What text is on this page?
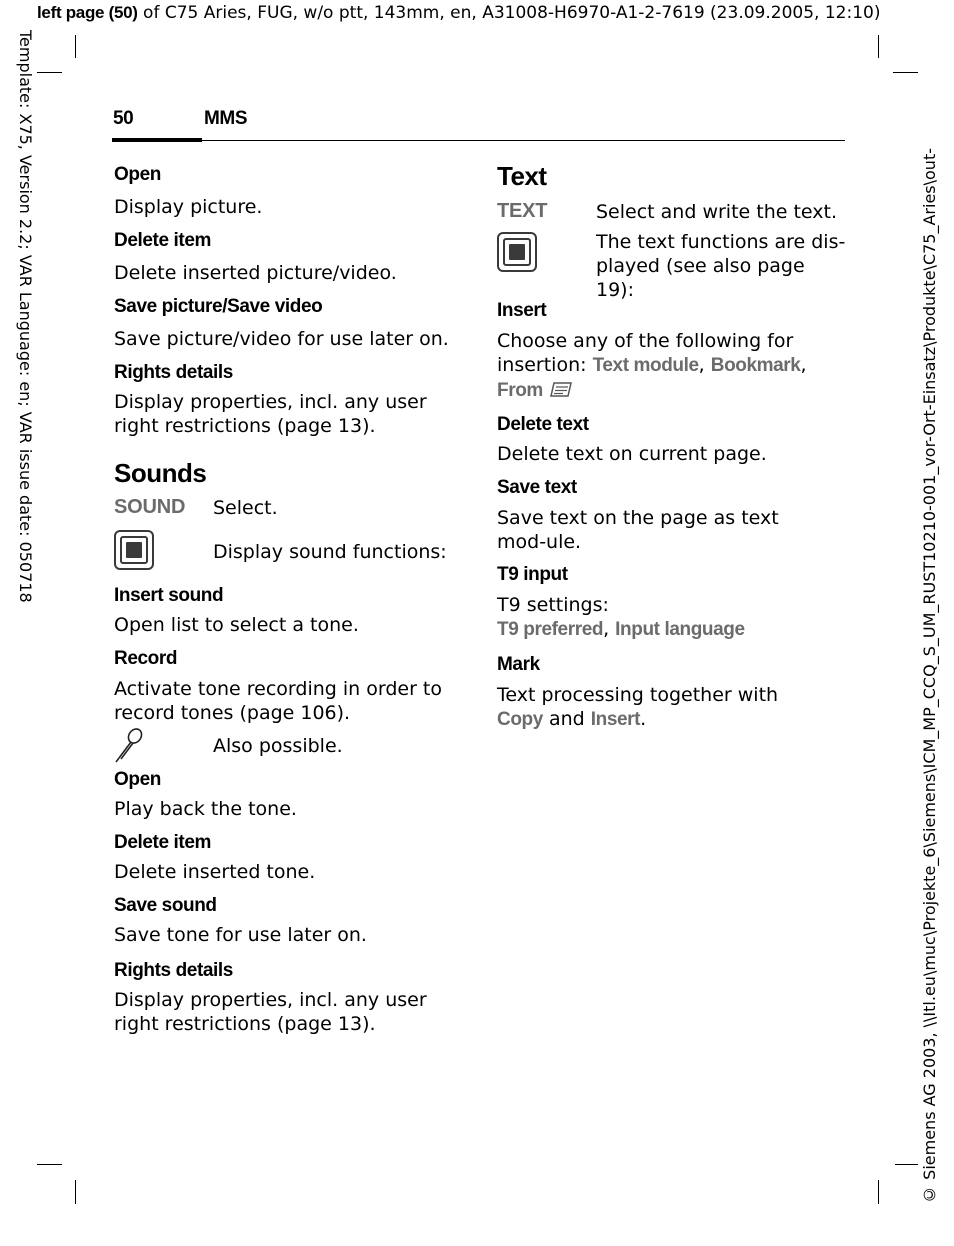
left page (50) of C75 Aries, FUG, w/o ptt, 143mm, en, A31008-H6970-A1-2-7619 (23.09.2005, 12:10)
Template: X75, Version 2.2; VAR Language: en; VAR issue date: 050718	© Siemens AG 2003, \\Itl.eu\muc\Projekte_6\Siemens\ICM_MP_CCQ_S_UM_RUST10210-001_vor-Ort-Einsatz\Produkte\C75_Aries\out-
50	MMS
Open
Display picture.
Delete item
Delete inserted picture/video.
Save picture/Save video
Save picture/video for use later on.
Rights details
Display properties, incl. any user right restrictions (page 13).
Sounds
SOUND Select.
Display sound functions:
Insert sound
Open list to select a tone.
Record
Activate tone recording in order to record tones (page 106).
Also possible.
Open
Play back the tone.
Delete item
Delete inserted tone.
Save sound
Save tone for use later on.
Rights details
Display properties, incl. any user right restrictions (page 13).
Text
TEXT	Select and write the text.
The text functions are dis-played (see also page 19):
Insert
Choose any of the following for insertion: Text module, Bookmark,
From
Delete text
Delete text on current page.
Save text
Save text on the page as text mod-ule.
T9 input
T9 settings:
T9 preferred, Input language
Mark
Text processing together with
Copy and Insert.
